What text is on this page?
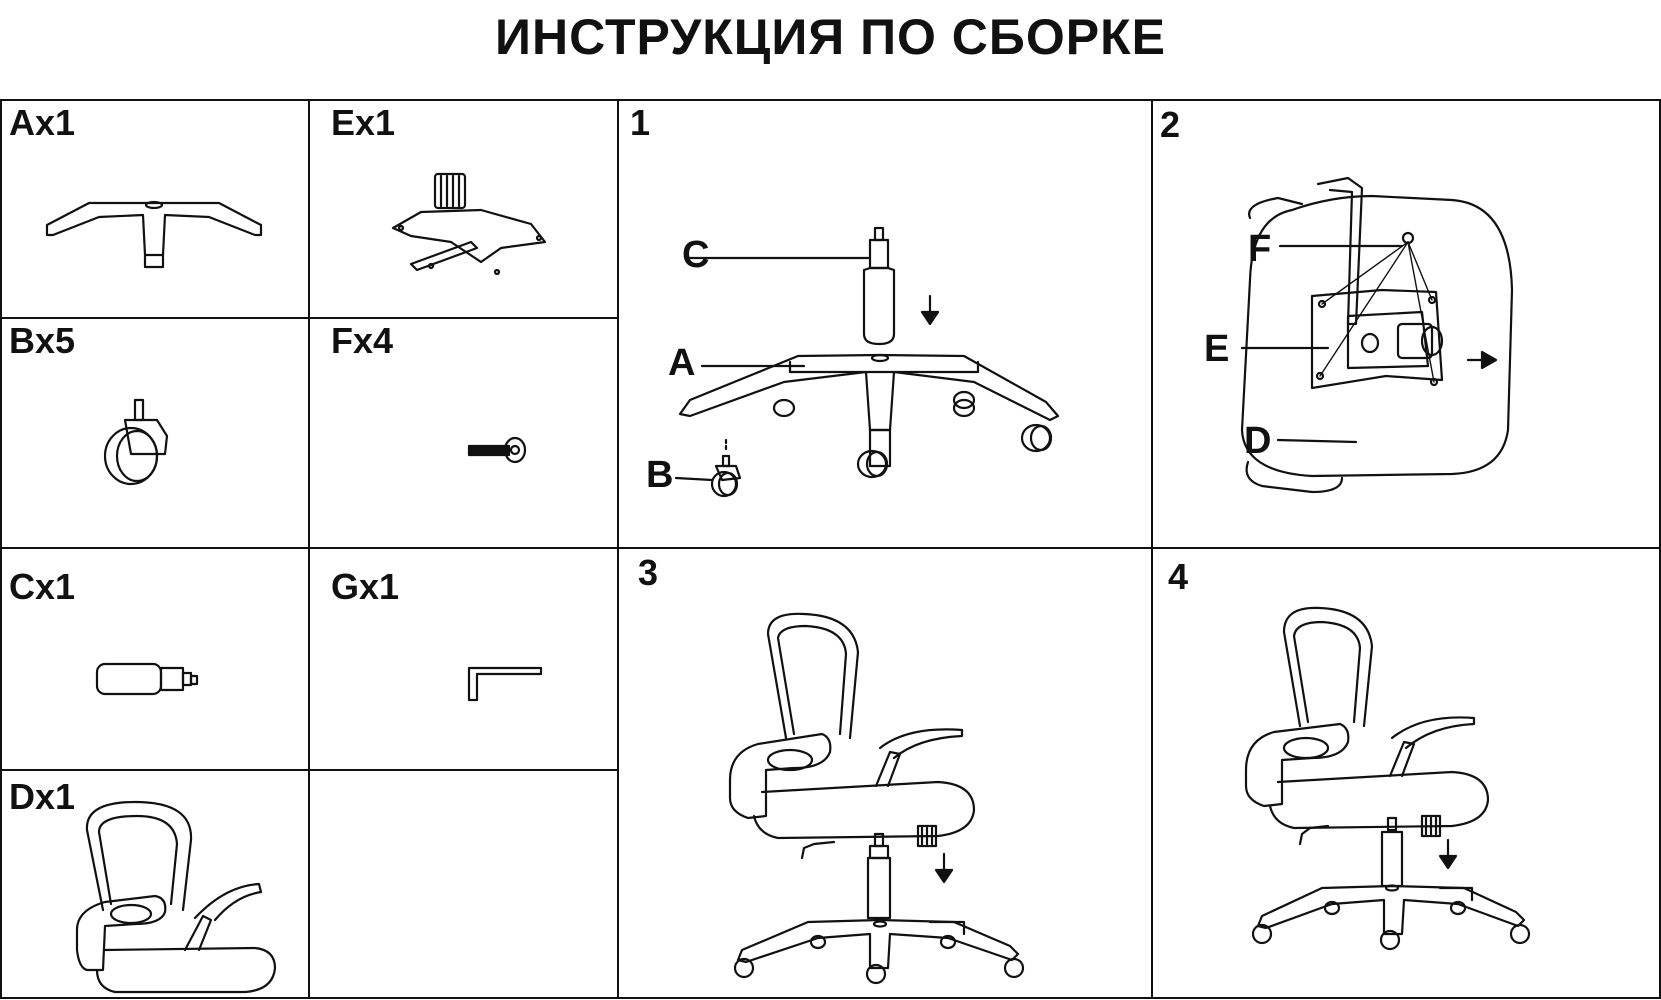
ИНСТРУКЦИЯ ПО СБОРКЕ
Ax1	Ex1
Bx5	Fx4
Cx1	Gx1
Dx1
1
C
A
B
2
F
E
D
3	4
